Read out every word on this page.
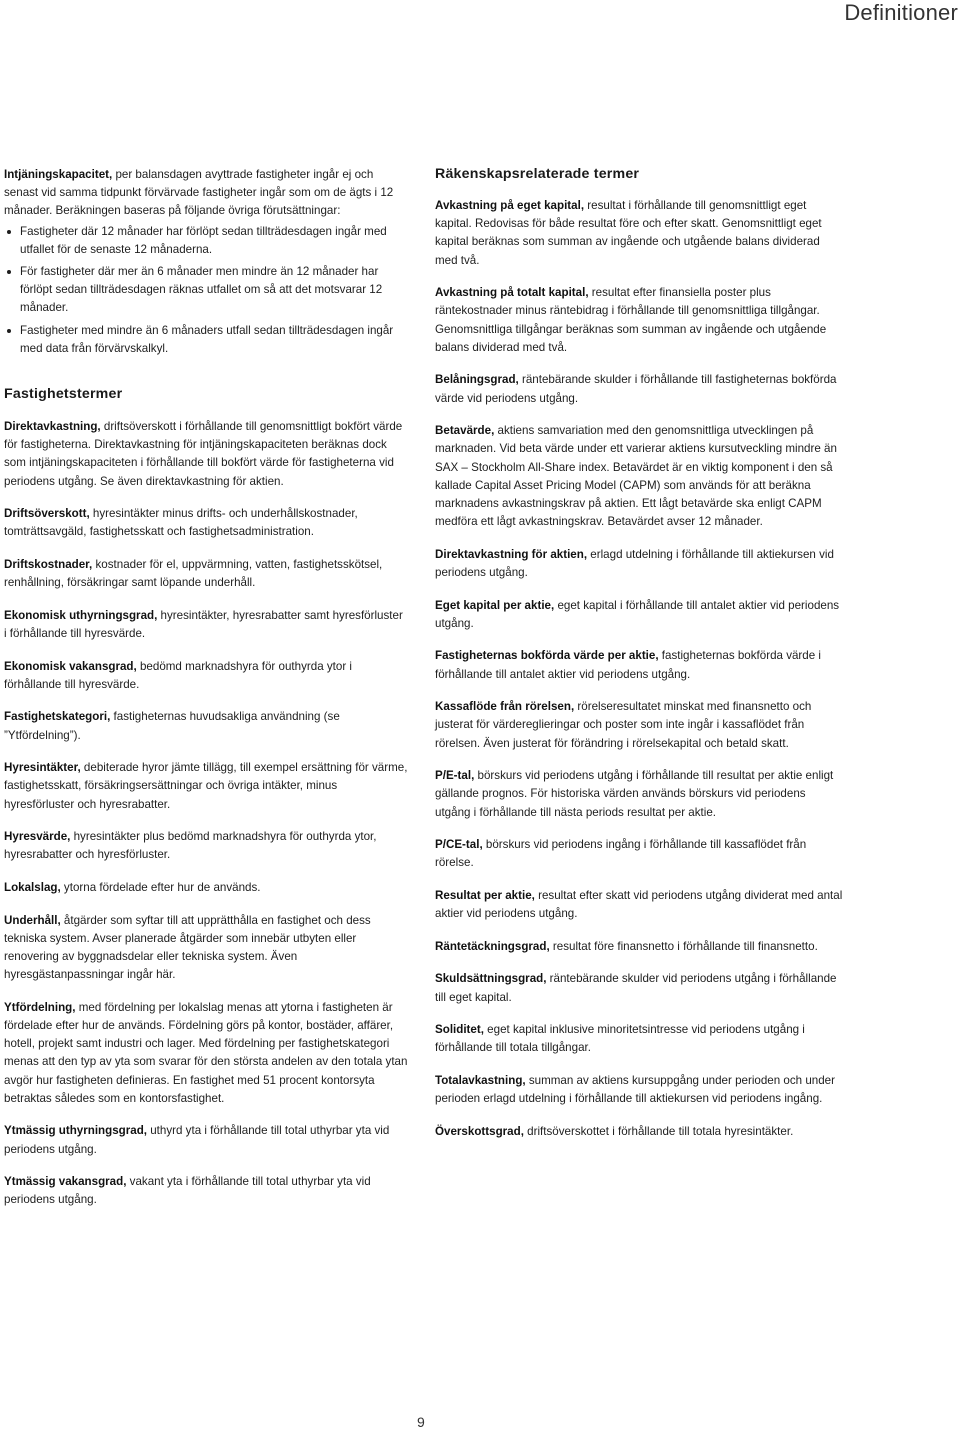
Definitioner

Intjäningskapacitet, per balansdagen avyttrade fastigheter ingår ej och senast vid samma tidpunkt förvärvade fastigheter ingår som om de ägts i 12 månader. Beräkningen baseras på följande övriga förutsättningar:

Fastigheter där 12 månader har förlöpt sedan tillträdesdagen ingår med utfallet för de senaste 12 månaderna.
För fastigheter där mer än 6 månader men mindre än 12 månader har förlöpt sedan tillträdesdagen räknas utfallet om så att det motsvarar 12 månader.
Fastigheter med mindre än 6 månaders utfall sedan tillträdesdagen ingår med data från förvärvskalkyl.
Fastighetstermer

Direktavkastning, driftsöverskott i förhållande till genomsnittligt bokfört värde för fastigheterna. Direktavkastning för intjäningskapaciteten beräknas dock som intjäningskapaciteten i förhållande till bokfört värde för fastigheterna vid periodens utgång. Se även direktavkastning för aktien.

Driftsöverskott, hyresintäkter minus drifts- och underhållskostnader, tomträttsavgäld, fastighetsskatt och fastighetsadministration.

Driftskostnader, kostnader för el, uppvärmning, vatten, fastighetsskötsel, renhållning, försäkringar samt löpande underhåll.

Ekonomisk uthyrningsgrad, hyresintäkter, hyresrabatter samt hyresförluster i förhållande till hyresvärde.

Ekonomisk vakansgrad, bedömd marknadshyra för outhyrda ytor i förhållande till hyresvärde.

Fastighetskategori, fastigheternas huvudsakliga användning (se ”Ytfördelning”).

Hyresintäkter, debiterade hyror jämte tillägg, till exempel ersättning för värme, fastighetsskatt, försäkringsersättningar och övriga intäkter, minus hyresförluster och hyresrabatter.

Hyresvärde, hyresintäkter plus bedömd marknadshyra för outhyrda ytor, hyresrabatter och hyresförluster.

Lokalslag, ytorna fördelade efter hur de används.

Underhåll, åtgärder som syftar till att upprätthålla en fastighet och dess tekniska system. Avser planerade åtgärder som innebär utbyten eller renovering av byggnadsdelar eller tekniska system. Även hyresgästanpassningar ingår här.

Ytfördelning, med fördelning per lokalslag menas att ytorna i fastigheten är fördelade efter hur de används. Fördelning görs på kontor, bostäder, affärer, hotell, projekt samt industri och lager. Med fördelning per fastighetskategori menas att den typ av yta som svarar för den största andelen av den totala ytan avgör hur fastigheten definieras. En fastighet med 51 procent kontorsyta betraktas således som en kontorsfastighet.

Ytmässig uthyrningsgrad, uthyrd yta i förhållande till total uthyrbar yta vid periodens utgång.

Ytmässig vakansgrad, vakant yta i förhållande till total uthyrbar yta vid periodens utgång.

Räkenskapsrelaterade termer

Avkastning på eget kapital, resultat i förhållande till genomsnittligt eget kapital. Redovisas för både resultat före och efter skatt. Genomsnittligt eget kapital beräknas som summan av ingående och utgående balans dividerad med två.

Avkastning på totalt kapital, resultat efter finansiella poster plus räntekostnader minus räntebidrag i förhållande till genomsnittliga tillgångar. Genomsnittliga tillgångar beräknas som summan av ingående och utgående balans dividerad med två.

Belåningsgrad, räntebärande skulder i förhållande till fastigheternas bokförda värde vid periodens utgång.

Betavärde, aktiens samvariation med den genomsnittliga utvecklingen på marknaden. Vid beta värde under ett varierar aktiens kursutveckling mindre än SAX – Stockholm All-Share index. Betavärdet är en viktig komponent i den så kallade Capital Asset Pricing Model (CAPM) som används för att beräkna marknadens avkastningskrav på aktien. Ett lågt betavärde ska enligt CAPM medföra ett lågt avkastningskrav. Betavärdet avser 12 månader.

Direktavkastning för aktien, erlagd utdelning i förhållande till aktiekursen vid periodens utgång.

Eget kapital per aktie, eget kapital i förhållande till antalet aktier vid periodens utgång.

Fastigheternas bokförda värde per aktie, fastigheternas bokförda värde i förhållande till antalet aktier vid periodens utgång.

Kassaflöde från rörelsen, rörelseresultatet minskat med finansnetto och justerat för värdereglieringar och poster som inte ingår i kassaflödet från rörelsen. Även justerat för förändring i rörelsekapital och betald skatt.

P/E-tal, börskurs vid periodens utgång i förhållande till resultat per aktie enligt gällande prognos. För historiska värden används börskurs vid periodens utgång i förhållande till nästa periods resultat per aktie.

P/CE-tal, börskurs vid periodens ingång i förhållande till kassaflödet från rörelse.

Resultat per aktie, resultat efter skatt vid periodens utgång dividerat med antal aktier vid periodens utgång.

Räntetäckningsgrad, resultat före finansnetto i förhållande till finansnetto.

Skuldsättningsgrad, räntebärande skulder vid periodens utgång i förhållande till eget kapital.

Soliditet, eget kapital inklusive minoritetsintresse vid periodens utgång i förhållande till totala tillgångar.

Totalavkastning, summan av aktiens kursuppgång under perioden och under perioden erlagd utdelning i förhållande till aktiekursen vid periodens ingång.

Överskottsgrad, driftsöverskottet i förhållande till totala hyresintäkter.

9
